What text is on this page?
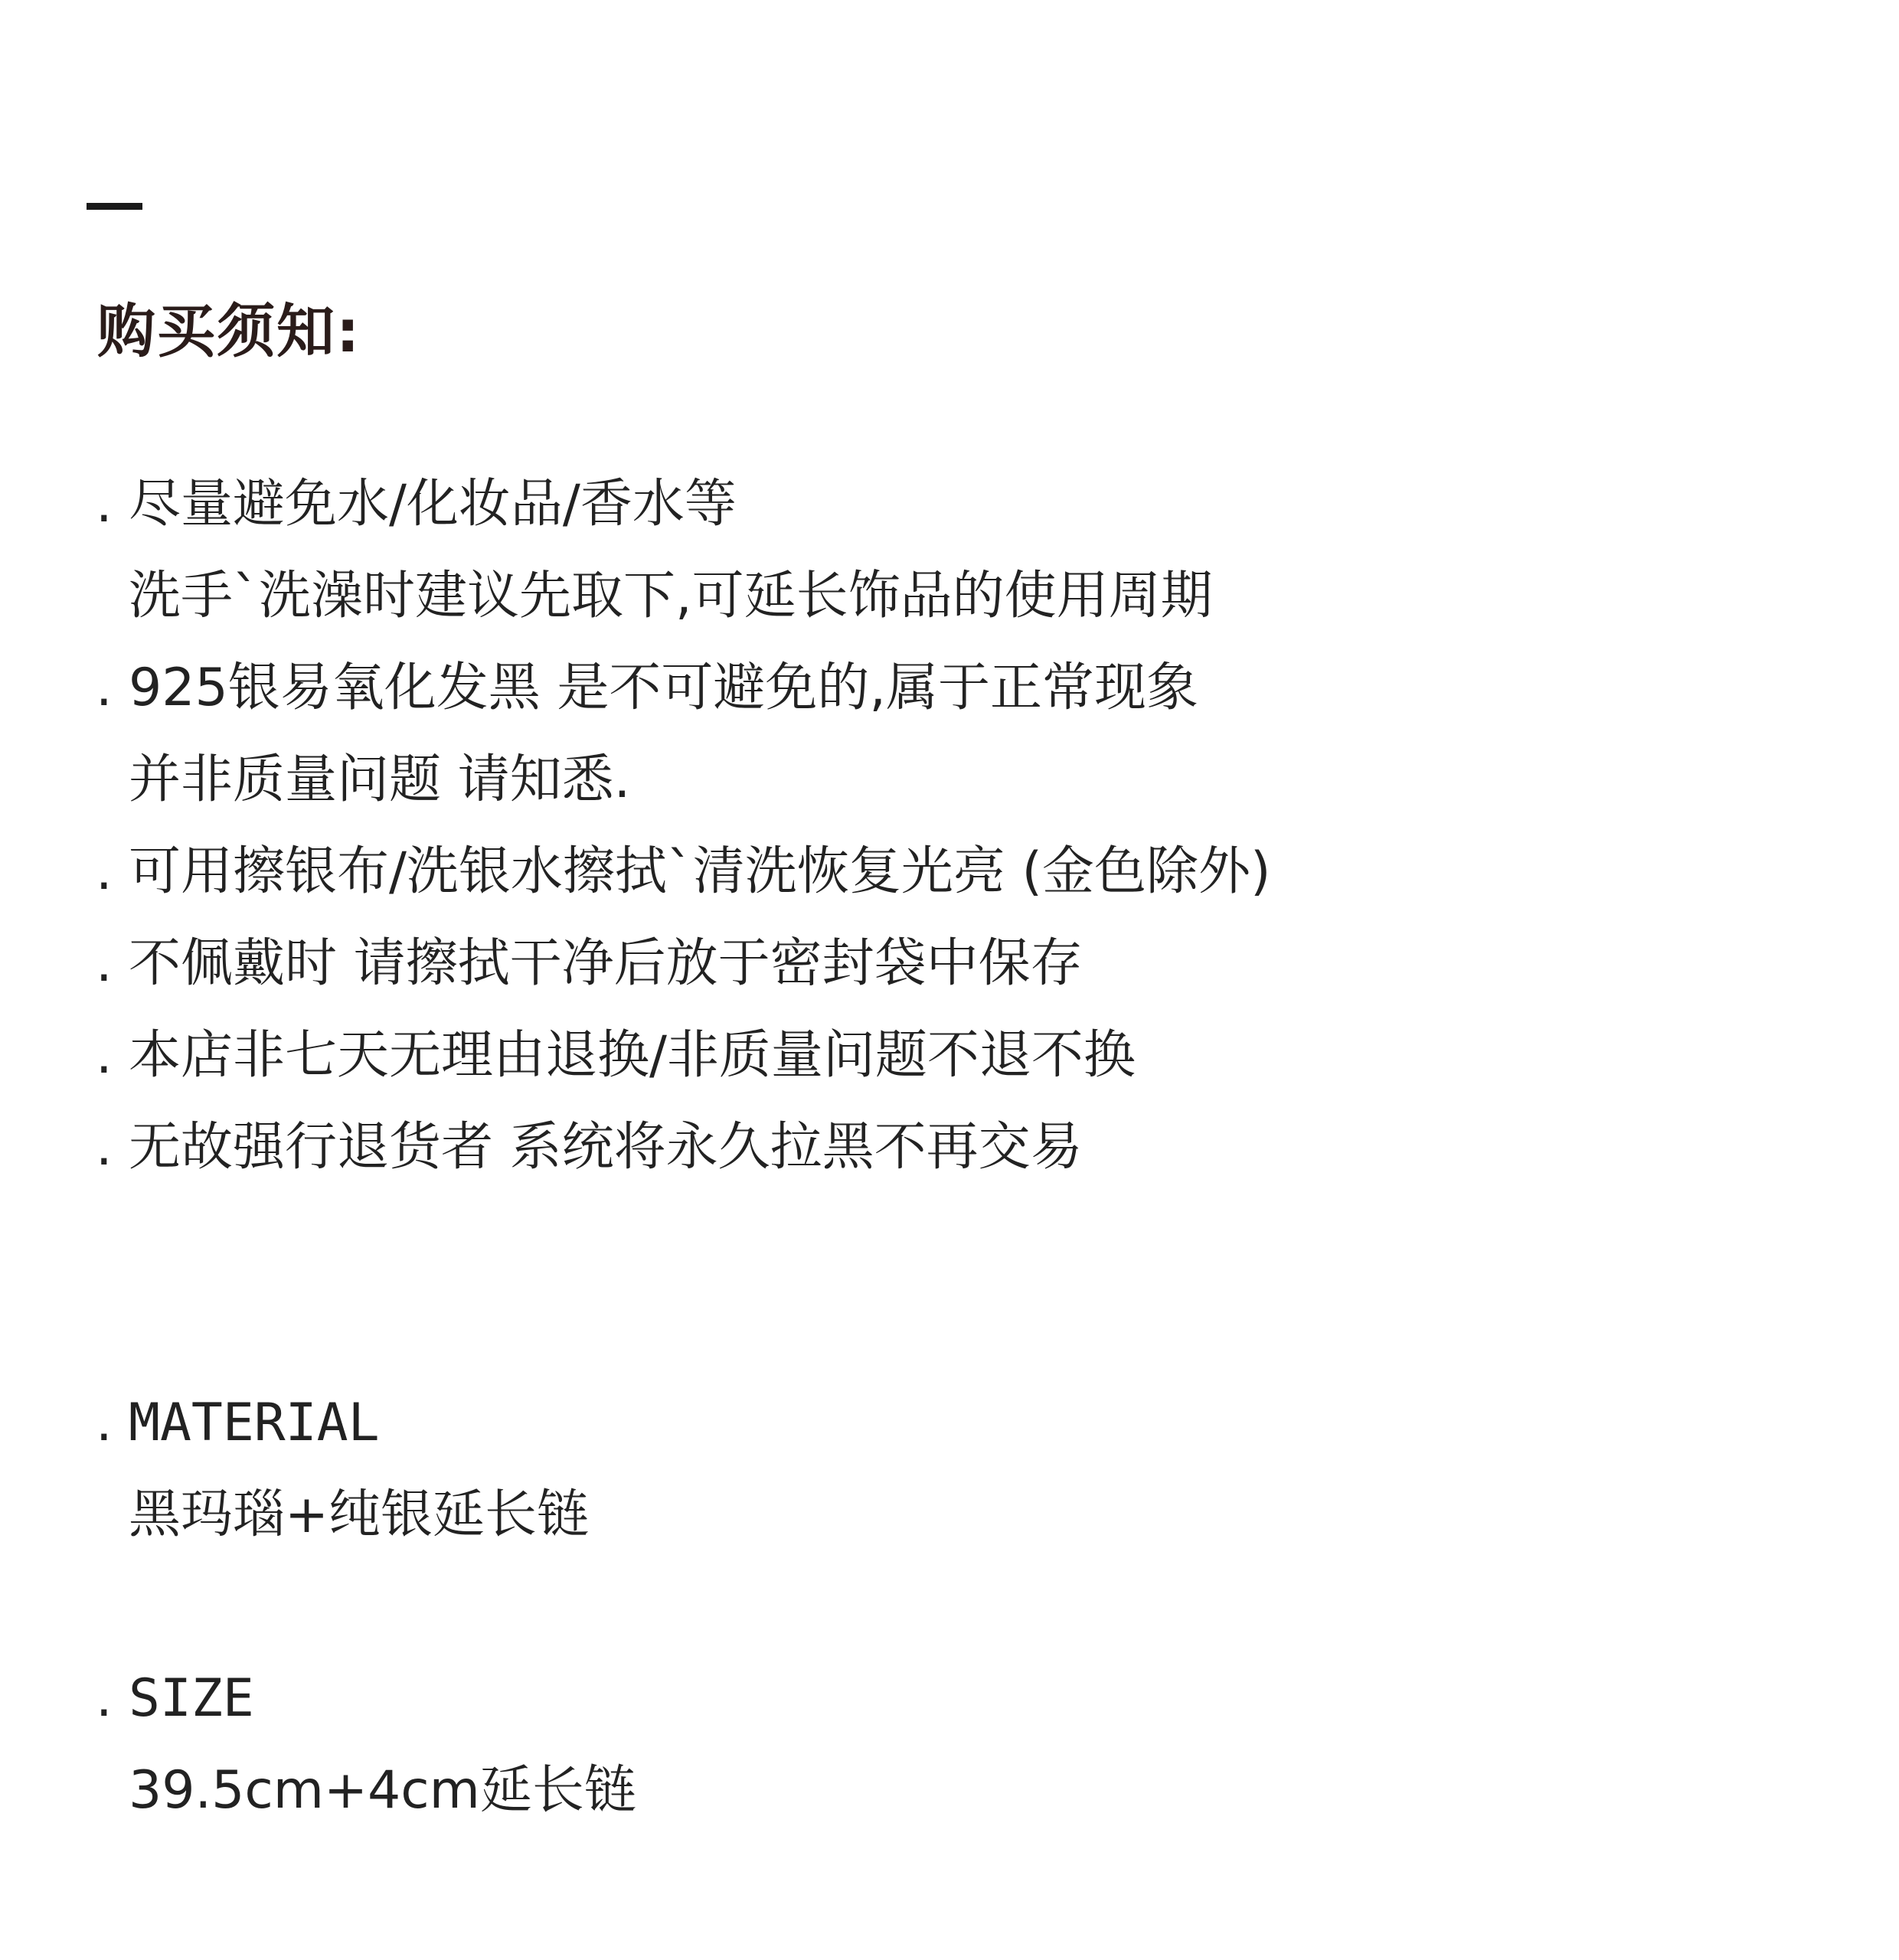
购买须知:
. 尽量避免水/化妆品/香水等
洗手`洗澡时建议先取下,可延长饰品的使用周期
. 925银易氧化发黑 是不可避免的,属于正常现象
并非质量问题 请知悉.
. 可用擦银布/洗银水擦拭`清洗恢复光亮 (金色除外)
. 不佩戴时 请擦拭干净后放于密封袋中保存
. 本店非七天无理由退换/非质量问题不退不换
. 无故强行退货者 系统将永久拉黑不再交易
. MATERIAL
黑玛瑙+纯银延长链
. SIZE
39.5cm+4cm延长链
